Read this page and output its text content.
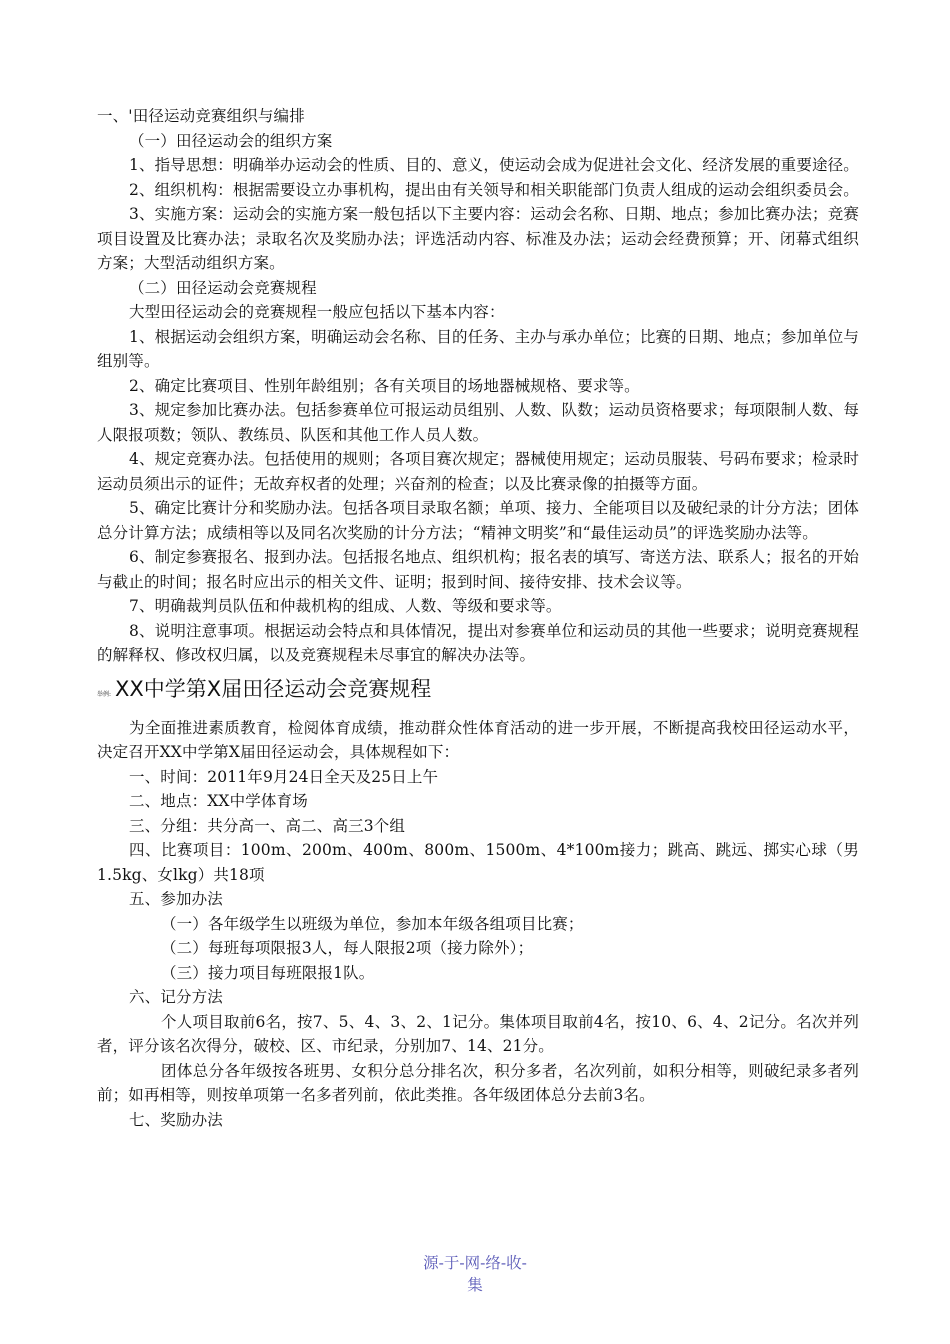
一、'田径运动竞赛组织与编排

（一）田径运动会的组织方案

1、指导思想：明确举办运动会的性质、目的、意义，使运动会成为促进社会文化、经济发展的重要途径。

2、组织机构：根据需要设立办事机构，提出由有关领导和相关职能部门负责人组成的运动会组织委员会。

3、实施方案：运动会的实施方案一般包括以下主要内容：运动会名称、日期、地点；参加比赛办法；竞赛项目设置及比赛办法；录取名次及奖励办法；评选活动内容、标准及办法；运动会经费预算；开、闭幕式组织方案；大型活动组织方案。

（二）田径运动会竞赛规程

大型田径运动会的竞赛规程一般应包括以下基本内容：

1、根据运动会组织方案，明确运动会名称、目的任务、主办与承办单位；比赛的日期、地点；参加单位与组别等。

2、确定比赛项目、性别年龄组别；各有关项目的场地器械规格、要求等。

3、规定参加比赛办法。包括参赛单位可报运动员组别、人数、队数；运动员资格要求；每项限制人数、每人限报项数；领队、教练员、队医和其他工作人员人数。

4、规定竞赛办法。包括使用的规则；各项目赛次规定；器械使用规定；运动员服装、号码布要求；检录时运动员须出示的证件；无故弃权者的处理；兴奋剂的检查；以及比赛录像的拍摄等方面。

5、确定比赛计分和奖励办法。包括各项目录取名额；单项、接力、全能项目以及破纪录的计分方法；团体总分计算方法；成绩相等以及同名次奖励的计分方法；“精神文明奖”和“最佳运动员”的评选奖励办法等。

6、制定参赛报名、报到办法。包括报名地点、组织机构；报名表的填写、寄送方法、联系人；报名的开始与截止的时间；报名时应出示的相关文件、证明；报到时间、接待安排、技术会议等。

7、明确裁判员队伍和仲裁机构的组成、人数、等级和要求等。

8、说明注意事项。根据运动会特点和具体情况，提出对参赛单位和运动员的其他一些要求；说明竞赛规程的解释权、修改权归属，以及竞赛规程未尽事宜的解决办法等。

举例: XX中学第X届田径运动会竞赛规程

为全面推进素质教育，检阅体育成绩，推动群众性体育活动的进一步开展，不断提高我校田径运动水平，决定召开XX中学第X届田径运动会，具体规程如下：

一、时间：2011年9月24日全天及25日上午

二、地点：XX中学体育场

三、分组：共分高一、高二、高三3个组

四、比赛项目：100m、200m、400m、800m、1500m、4*100m接力；跳高、跳远、掷实心球（男1.5kg、女lkg）共18项

五、参加办法

（一）各年级学生以班级为单位，参加本年级各组项目比赛；

（二）每班每项限报3人，每人限报2项（接力除外）；

（三）接力项目每班限报1队。

六、记分方法

个人项目取前6名，按7、5、4、3、2、1记分。集体项目取前4名，按10、6、4、2记分。名次并列者，评分该名次得分，破校、区、市纪录，分别加7、14、21分。

团体总分各年级按各班男、女积分总分排名次，积分多者，名次列前，如积分相等，则破纪录多者列前；如再相等，则按单项第一名多者列前，依此类推。各年级团体总分去前3名。

七、奖励办法

源-于-网-络-收-
集
